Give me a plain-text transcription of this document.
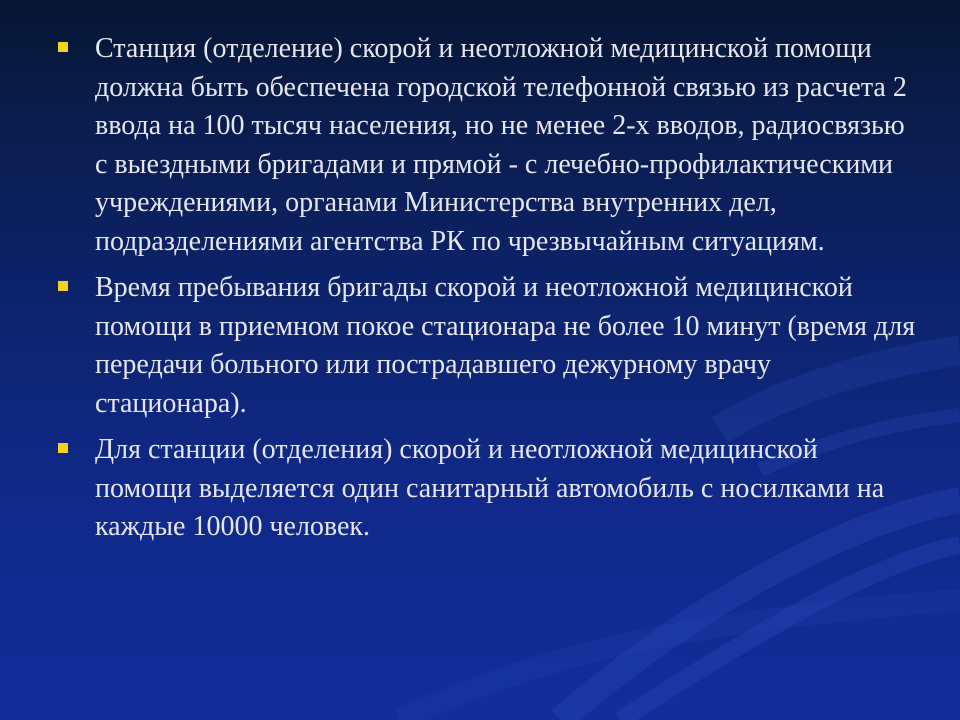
Станция (отделение) скорой и неотложной медицинской помощи должна быть обеспечена городской телефонной связью из расчета 2 ввода на 100 тысяч населения, но не менее 2-х вводов, радиосвязью с выездными бригадами и прямой - с лечебно-профилактическими учреждениями, органами Министерства внутренних дел, подразделениями агентства РК по чрезвычайным ситуациям.

Время пребывания бригады скорой и неотложной медицинской помощи в приемном покое стационара не более 10 минут (время для передачи больного или пострадавшего дежурному врачу стационара).

Для станции (отделения) скорой и неотложной медицинской помощи выделяется один санитарный автомобиль с носилками на каждые 10000 человек.
